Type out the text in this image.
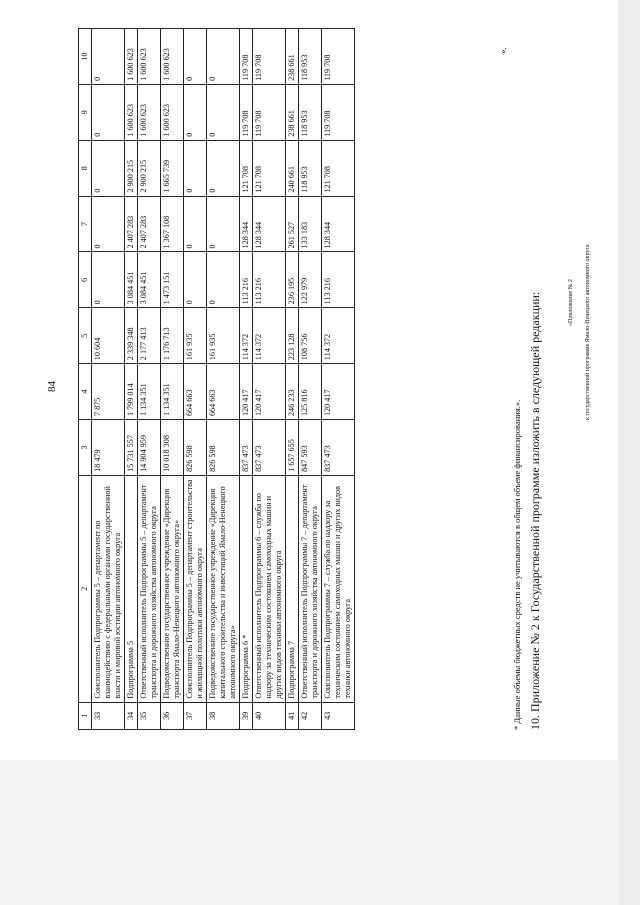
84
1	2	3	4	5	6	7	8	9	10
33	Соисполнитель Подпрограммы 5 – департамент по взаимодействию с федеральными органами государственной власти и мировой юстиции автономного округа	18 479	7 875	10 604	0	0	0	0	0
34	Подпрограмма 5	15 731 557	1 799 014	2 339 348	3 084 451	2 407 283	2 900 215	1 600 623	1 600 623
35	Ответственный исполнитель Подпрограммы 5 – департамент транспорта и дорожного хозяйства автономного округа	14 904 959	1 134 351	2 177 413	3 084 451	2 407 283	2 900 215	1 600 623	1 600 623
36	Подведомственное государственное учреждение «Дирекция транспорта Ямало-Ненецкого автономного округа»	10 018 308	1 134 351	1 176 713	1 473 151	1 367 108	1 665 739	1 600 623	1 600 623
37	Соисполнитель Подпрограммы 5 – департамент строительства и жилищной политики автономного округа	826 598	664 663	161 935	0	0	0	0	0
38	Подведомственное государственное учреждение «Дирекция капитального строительства и инвестиций Ямало-Ненецкого автономного округа»	826 598	664 663	161 935	0	0	0	0	0
39	Подпрограмма 6 *	837 473	120 417	114 372	113 216	128 344	121 708	119 708	119 708
40	Ответственный исполнитель Подпрограммы 6 – служба по надзору за техническим состоянием самоходных машин и других видов техники автономного округа	837 473	120 417	114 372	113 216	128 344	121 708	119 708	119 708
41	Подпрограмма 7	1 657 655	246 233	223 128	236 195	261 527	240 661	238 661	238 661
42	Ответственный исполнитель Подпрограммы 7 – департамент транспорта и дорожного хозяйства автономного округа	847 593	125 816	108 756	122 979	133 183	118 953	118 953	118 953
43	Соисполнитель Подпрограммы 7 – служба по надзору за техническим состоянием самоходных машин и других видов техники автономного округа	837 473	120 417	114 372	113 216	128 344	121 708	119 708	119 708
* Данные объемы бюджетных средств не учитываются в общем объеме финансирования.». 10. Приложение № 2 к Государственной программе изложить в следующей редакции:
».
«Приложение № 2 к государственной программе Ямало-Ненецкого автономного округа
